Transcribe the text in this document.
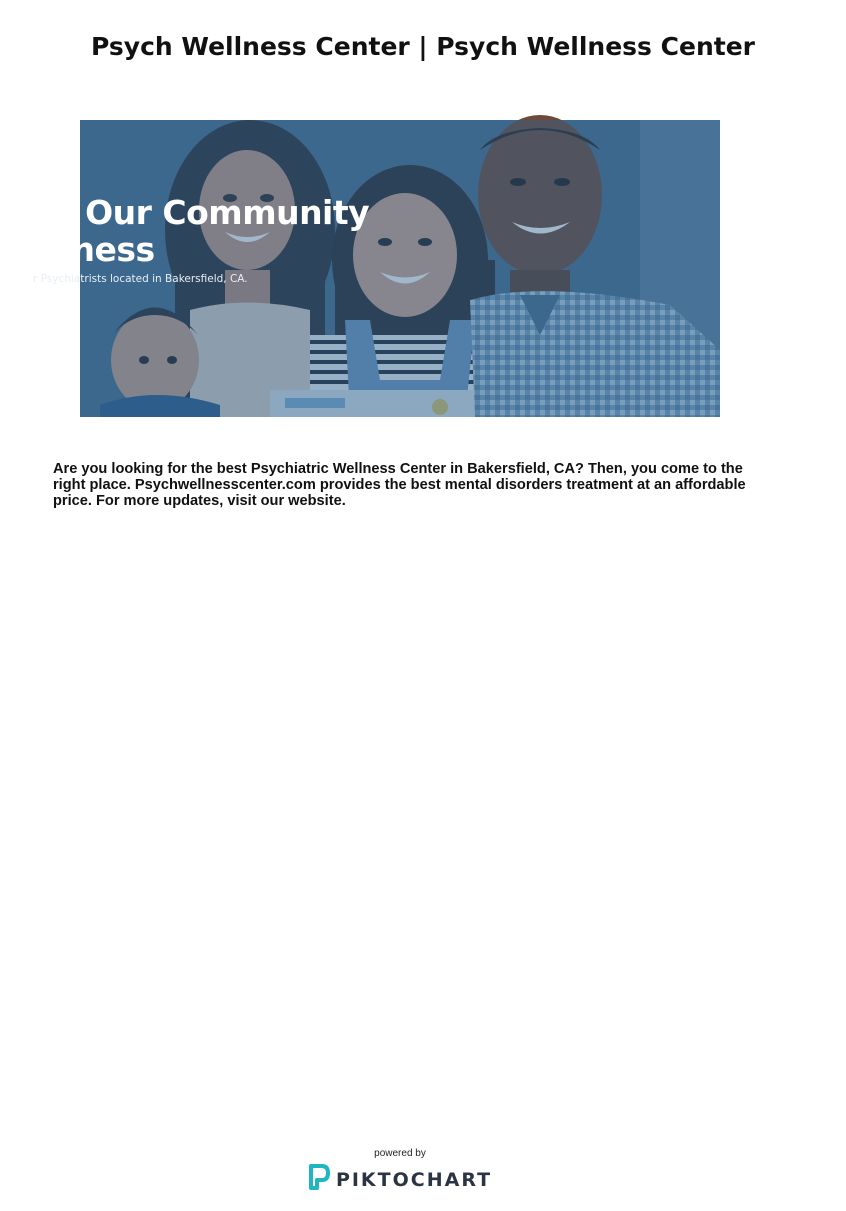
Psych Wellness Center | Psych Wellness Center
ng Our Community
ellness
r Psychiatrists located in Bakersfield, CA.

Are you looking for the best Psychiatric Wellness Center in Bakersfield, CA? Then, you come to the right place. Psychwellnesscenter.com provides the best mental disorders treatment at an affordable price. For more updates, visit our website.

powered by
PIKTOCHART
